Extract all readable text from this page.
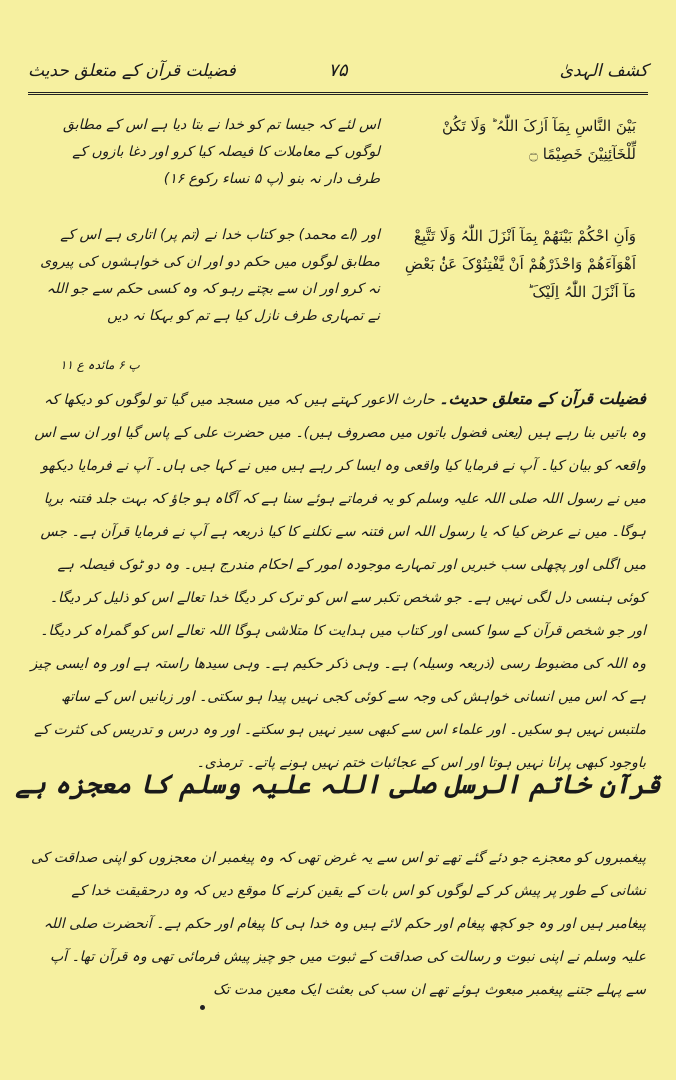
فضیلت قرآن کے متعلق حدیث	۷۵	کشف الہدیٰ
بَیْنَ النَّاسِ بِمَآ اَرٰکَ اللّٰہُ ؕ وَلَا تَکُنْ لِّلْخَآئِنِیْنَ خَصِیْمًا ۝
اس لئے کہ جیسا تم کو خدا نے بتا دیا ہے اس کے مطابق لوگوں کے معاملات کا فیصلہ کیا کرو اور دغا بازوں کے طرف دار نہ بنو (پ ۵ نساء رکوع ۱۶)
وَاَنِ احْکُمْ بَیْنَھُمْ بِمَآ اَنْزَلَ اللّٰہُ وَلَا تَتَّبِعْ اَھْوَآءَھُمْ وَاحْذَرْھُمْ اَنْ یَّفْتِنُوْکَ عَنْۢ بَعْضِ مَآ اَنْزَلَ اللّٰہُ اِلَیْکَ ؕ
اور (اے محمد) جو کتاب خدا نے (تم پر) اتاری ہے اس کے مطابق لوگوں میں حکم دو اور ان کی خواہشوں کی پیروی نہ کرو اور ان سے بچتے رہو کہ وہ کسی حکم سے جو اللہ نے تمہاری طرف نازل کیا ہے تم کو بہکا نہ دیں
پ ۶ مائدہ ع ۱۱
فضیلت قرآن کے متعلق حدیث۔ حارث الاعور کہتے ہیں کہ میں مسجد میں گیا تو لوگوں کو دیکھا کہ وہ باتیں بنا رہے ہیں (یعنی فضول باتوں میں مصروف ہیں)۔ میں حضرت علی کے پاس گیا اور ان سے اس واقعہ کو بیان کیا۔ آپ نے فرمایا کیا واقعی وہ ایسا کر رہے ہیں میں نے کہا جی ہاں۔ آپ نے فرمایا دیکھو میں نے رسول اللہ صلی اللہ علیہ وسلم کو یہ فرماتے ہوئے سنا ہے کہ آگاہ ہو جاؤ کہ بہت جلد فتنہ برپا ہوگا۔ میں نے عرض کیا کہ یا رسول اللہ اس فتنہ سے نکلنے کا کیا ذریعہ ہے آپ نے فرمایا قرآن ہے۔ جس میں اگلی اور پچھلی سب خبریں اور تمہارے موجودہ امور کے احکام مندرج ہیں۔ وہ دو ٹوک فیصلہ ہے کوئی ہنسی دل لگی نہیں ہے۔ جو شخص تکبر سے اس کو ترک کر دیگا خدا تعالے اس کو ذلیل کر دیگا۔ اور جو شخص قرآن کے سوا کسی اور کتاب میں ہدایت کا متلاشی ہوگا اللہ تعالے اس کو گمراہ کر دیگا۔ وہ اللہ کی مضبوط رسی (ذریعہ وسیلہ) ہے۔ وہی ذکر حکیم ہے۔ وہی سیدھا راستہ ہے اور وہ ایسی چیز ہے کہ اس میں انسانی خواہش کی وجہ سے کوئی کجی نہیں پیدا ہو سکتی۔ اور زبانیں اس کے ساتھ ملتبس نہیں ہو سکیں۔ اور علماء اس سے کبھی سیر نہیں ہو سکتے۔ اور وہ درس و تدریس کی کثرت کے باوجود کبھی پرانا نہیں ہوتا اور اس کے عجائبات ختم نہیں ہونے پاتے۔ ترمذی۔
قرآن خاتم الرسل صلی اللہ علیہ وسلم کا معجزہ ہے
پیغمبروں کو معجزے جو دئے گئے تھے تو اس سے یہ غرض تھی کہ وہ پیغمبر ان معجزوں کو اپنی صداقت کی نشانی کے طور پر پیش کر کے لوگوں کو اس بات کے یقین کرنے کا موقع دیں کہ وہ درحقیقت خدا کے پیغامبر ہیں اور وہ جو کچھ پیغام اور حکم لائے ہیں وہ خدا ہی کا پیغام اور حکم ہے۔ آنحضرت صلی اللہ علیہ وسلم نے اپنی نبوت و رسالت کی صداقت کے ثبوت میں جو چیز پیش فرمائی تھی وہ قرآن تھا۔ آپ سے پہلے جتنے پیغمبر مبعوث ہوئے تھے ان سب کی بعثت ایک معین مدت تک
